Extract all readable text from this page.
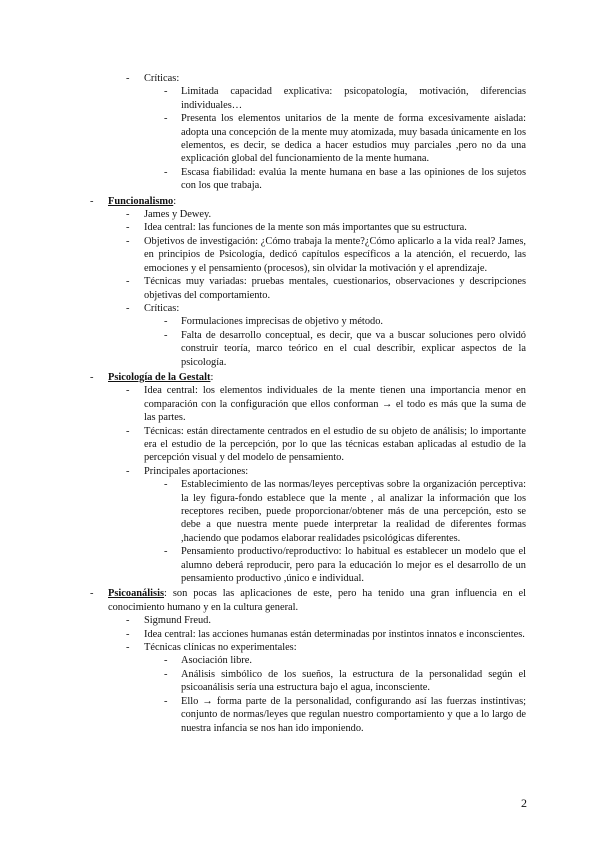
- Críticas:
- Limitada capacidad explicativa: psicopatología, motivación, diferencias individuales…
- Presenta los elementos unitarios de la mente de forma excesivamente aislada: adopta una concepción de la mente muy atomizada, muy basada únicamente en los elementos, es decir, se dedica a hacer estudios muy parciales ,pero no da una explicación global del funcionamiento de la mente humana.
- Escasa fiabilidad: evalúa la mente humana en base a las opiniones de los sujetos con los que trabaja.
- Funcionalismo:
- James y Dewey.
- Idea central: las funciones de la mente son más importantes que su estructura.
- Objetivos de investigación: ¿Cómo trabaja la mente?¿Cómo aplicarlo a la vida real? James, en principios de Psicología, dedicó capítulos específicos a la atención, el recuerdo, las emociones y el pensamiento (procesos), sin olvidar la motivación y el aprendizaje.
- Técnicas muy variadas: pruebas mentales, cuestionarios, observaciones y descripciones objetivas del comportamiento.
- Críticas:
- Formulaciones imprecisas de objetivo y método.
- Falta de desarrollo conceptual, es decir, que va a buscar soluciones pero olvidó construir teoría, marco teórico en el cual describir, explicar aspectos de la psicología.
- Psicología de la Gestalt:
- Idea central: los elementos individuales de la mente tienen una importancia menor en comparación con la configuración que ellos conforman → el todo es más que la suma de las partes.
- Técnicas: están directamente centrados en el estudio de su objeto de análisis; lo importante era el estudio de la percepción, por lo que las técnicas estaban aplicadas al estudio de la percepción visual y del modelo de pensamiento.
- Principales aportaciones:
- Establecimiento de las normas/leyes perceptivas sobre la organización perceptiva: la ley figura-fondo establece que la mente , al analizar la información que los receptores reciben, puede proporcionar/obtener más de una percepción, esto se debe a que nuestra mente puede interpretar la realidad de diferentes formas ,haciendo que podamos elaborar realidades psicológicas diferentes.
- Pensamiento productivo/reproductivo: lo habitual es establecer un modelo que el alumno deberá reproducir, pero para la educación lo mejor es el desarrollo de un pensamiento productivo ,único e individual.
- Psicoanálisis: son pocas las aplicaciones de este, pero ha tenido una gran influencia en el conocimiento humano y en la cultura general.
- Sigmund Freud.
- Idea central: las acciones humanas están determinadas por instintos innatos e inconscientes.
- Técnicas clínicas no experimentales:
- Asociación libre.
- Análisis simbólico de los sueños, la estructura de la personalidad según el psicoanálisis sería una estructura bajo el agua, inconsciente.
- Ello → forma parte de la personalidad, configurando así las fuerzas instintivas; conjunto de normas/leyes que regulan nuestro comportamiento y que a lo largo de nuestra infancia se nos han ido imponiendo.
2
